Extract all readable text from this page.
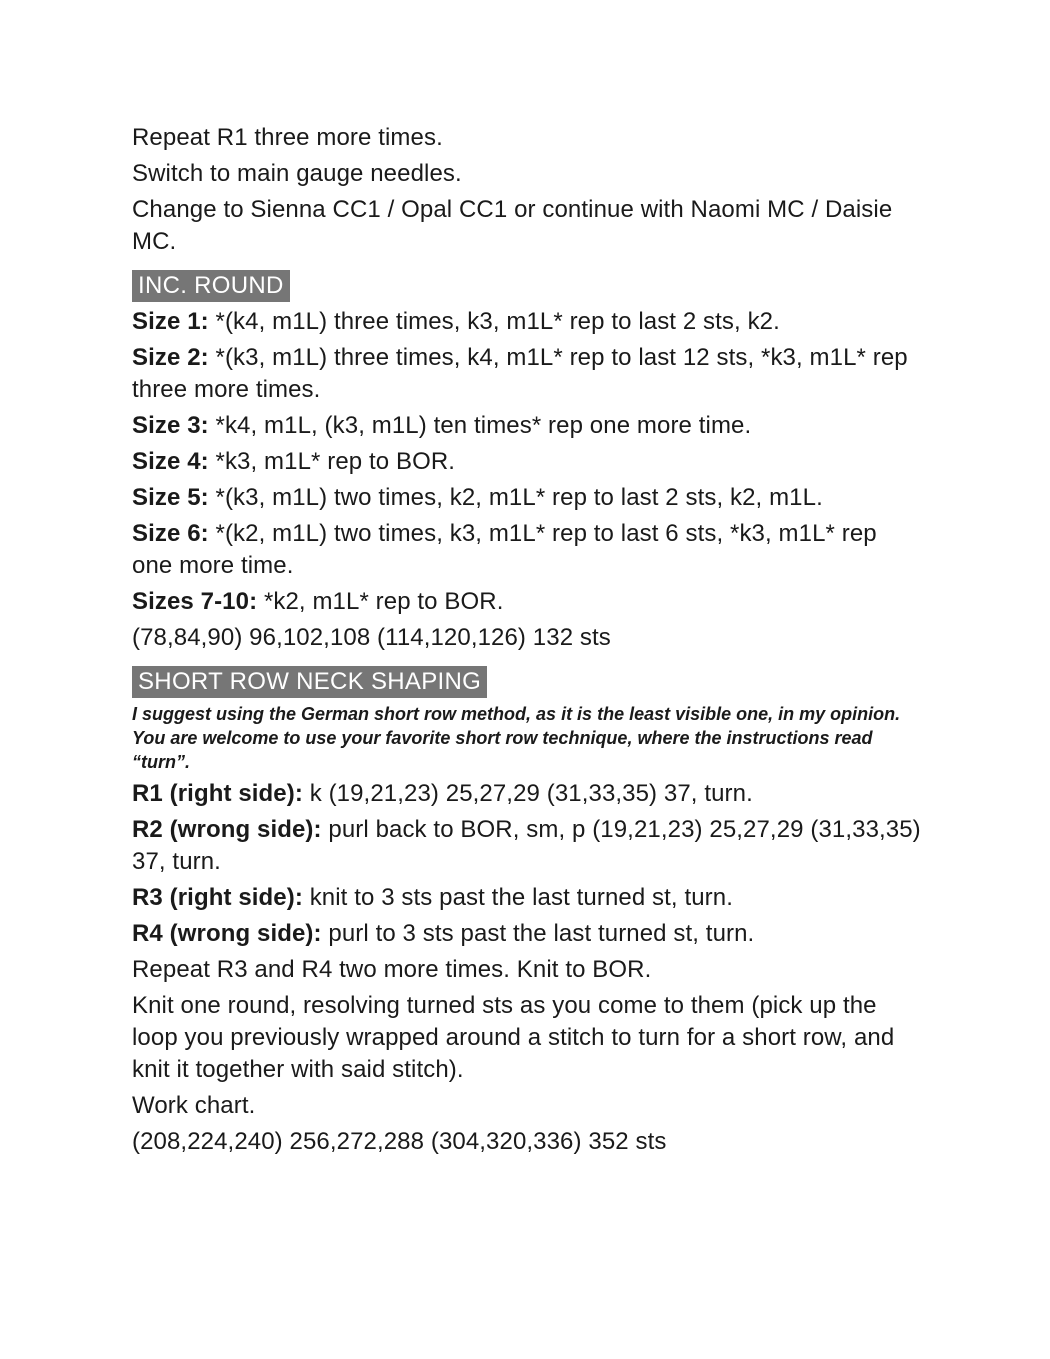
Repeat R1 three more times.

Switch to main gauge needles.

Change to Sienna CC1 / Opal CC1 or continue with Naomi MC / Daisie MC.

INC. ROUND

Size 1: *(k4, m1L) three times, k3, m1L* rep to last 2 sts, k2.

Size 2: *(k3, m1L) three times, k4, m1L* rep to last 12 sts, *k3, m1L* rep three more times.

Size 3: *k4, m1L, (k3, m1L) ten times* rep one more time.

Size 4: *k3, m1L* rep to BOR.

Size 5: *(k3, m1L) two times, k2, m1L* rep to last 2 sts, k2, m1L.

Size 6: *(k2, m1L) two times, k3, m1L* rep to last 6 sts, *k3, m1L* rep one more time.

Sizes 7-10: *k2, m1L* rep to BOR.

(78,84,90) 96,102,108 (114,120,126) 132 sts

SHORT ROW NECK SHAPING

I suggest using the German short row method, as it is the least visible one, in my opinion. You are welcome to use your favorite short row technique, where the instructions read “turn”.

R1 (right side): k (19,21,23) 25,27,29 (31,33,35) 37, turn.

R2 (wrong side): purl back to BOR, sm, p (19,21,23) 25,27,29 (31,33,35) 37, turn.

R3 (right side): knit to 3 sts past the last turned st, turn.

R4 (wrong side): purl to 3 sts past the last turned st, turn.

Repeat R3 and R4 two more times. Knit to BOR.

Knit one round, resolving turned sts as you come to them (pick up the loop you previously wrapped around a stitch to turn for a short row, and knit it together with said stitch).

Work chart.

(208,224,240) 256,272,288 (304,320,336) 352 sts
